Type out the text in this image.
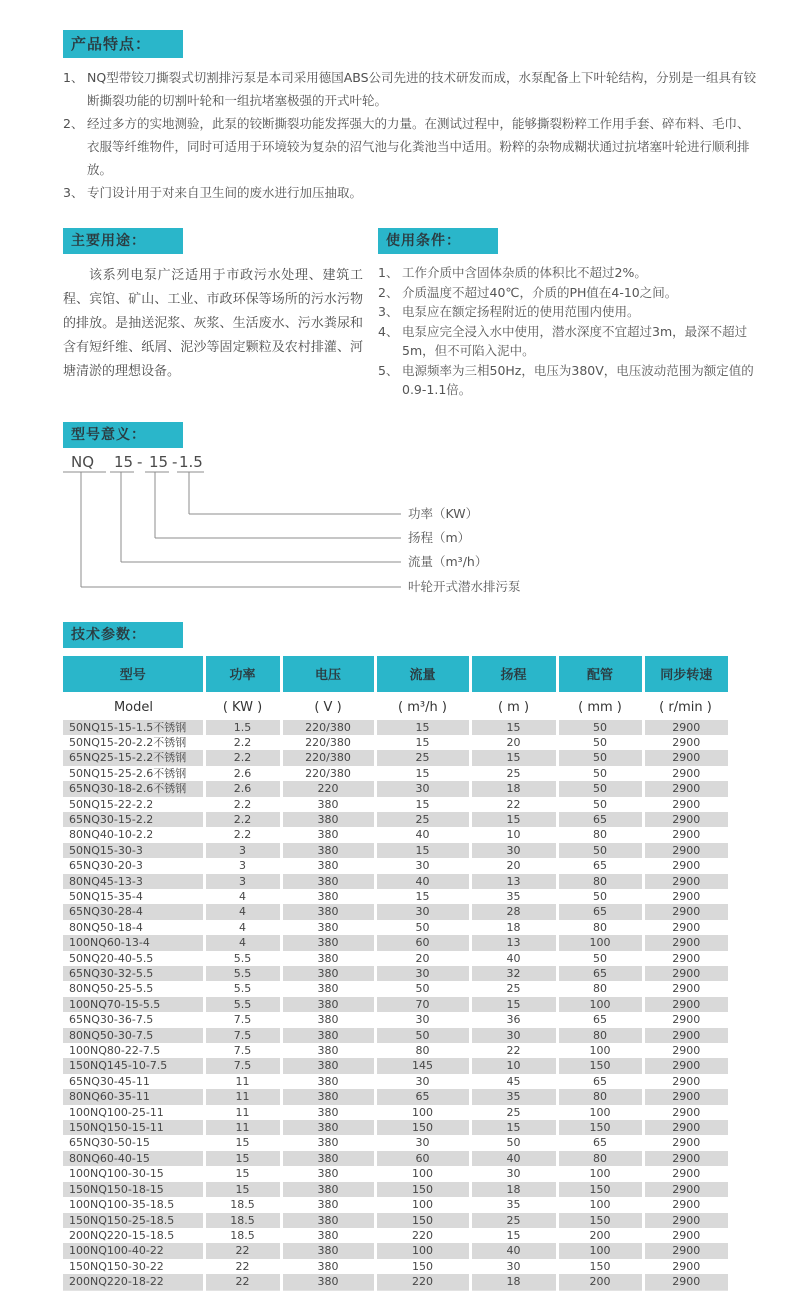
产品特点：
1、 NQ型带铰刀撕裂式切割排污泵是本司采用德国ABS公司先进的技术研发而成，水泵配备上下叶轮结构，分别是一组具有铰断撕裂功能的切割叶轮和一组抗堵塞极强的开式叶轮。
2、 经过多方的实地测验，此泵的铰断撕裂功能发挥强大的力量。在测试过程中，能够撕裂粉粹工作用手套、碎布料、毛巾、衣服等纤维物件，同时可适用于环境较为复杂的沼气池与化粪池当中适用。粉粹的杂物成糊状通过抗堵塞叶轮进行顺利排放。
3、 专门设计用于对来自卫生间的废水进行加压抽取。
主要用途：

该系列电泵广泛适用于市政污水处理、建筑工程、宾馆、矿山、工业、市政环保等场所的污水污物的排放。是抽送泥浆、灰浆、生活废水、污水粪尿和含有短纤维、纸屑、泥沙等固定颗粒及农村排灌、河塘清淤的理想设备。

使用条件：
1、 工作介质中含固体杂质的体积比不超过2%。
2、 介质温度不超过40℃，介质的PH值在4-10之间。
3、 电泵应在额定扬程附近的使用范围内使用。
4、 电泵应完全浸入水中使用，潜水深度不宜超过3m，最深不超过5m，但不可陷入泥中。
5、 电源频率为三相50Hz，电压为380V，电压波动范围为额定值的0.9-1.1倍。
型号意义：
NQ 15 - 15 - 1.5
功率（KW）
扬程（m）
流量（m³/h）
叶轮开式潜水排污泵
技术参数：
型号	功率	电压	流量	扬程	配管	同步转速
Model	( KW )	( V )	( m³/h )	( m )	( mm )	( r/min )
50NQ15-15-1.5不锈钢	1.5	220/380	15	15	50	2900
50NQ15-20-2.2不锈钢	2.2	220/380	15	20	50	2900
65NQ25-15-2.2不锈钢	2.2	220/380	25	15	50	2900
50NQ15-25-2.6不锈钢	2.6	220/380	15	25	50	2900
65NQ30-18-2.6不锈钢	2.6	220	30	18	50	2900
50NQ15-22-2.2	2.2	380	15	22	50	2900
65NQ30-15-2.2	2.2	380	25	15	65	2900
80NQ40-10-2.2	2.2	380	40	10	80	2900
50NQ15-30-3	3	380	15	30	50	2900
65NQ30-20-3	3	380	30	20	65	2900
80NQ45-13-3	3	380	40	13	80	2900
50NQ15-35-4	4	380	15	35	50	2900
65NQ30-28-4	4	380	30	28	65	2900
80NQ50-18-4	4	380	50	18	80	2900
100NQ60-13-4	4	380	60	13	100	2900
50NQ20-40-5.5	5.5	380	20	40	50	2900
65NQ30-32-5.5	5.5	380	30	32	65	2900
80NQ50-25-5.5	5.5	380	50	25	80	2900
100NQ70-15-5.5	5.5	380	70	15	100	2900
65NQ30-36-7.5	7.5	380	30	36	65	2900
80NQ50-30-7.5	7.5	380	50	30	80	2900
100NQ80-22-7.5	7.5	380	80	22	100	2900
150NQ145-10-7.5	7.5	380	145	10	150	2900
65NQ30-45-11	11	380	30	45	65	2900
80NQ60-35-11	11	380	65	35	80	2900
100NQ100-25-11	11	380	100	25	100	2900
150NQ150-15-11	11	380	150	15	150	2900
65NQ30-50-15	15	380	30	50	65	2900
80NQ60-40-15	15	380	60	40	80	2900
100NQ100-30-15	15	380	100	30	100	2900
150NQ150-18-15	15	380	150	18	150	2900
100NQ100-35-18.5	18.5	380	100	35	100	2900
150NQ150-25-18.5	18.5	380	150	25	150	2900
200NQ220-15-18.5	18.5	380	220	15	200	2900
100NQ100-40-22	22	380	100	40	100	2900
150NQ150-30-22	22	380	150	30	150	2900
200NQ220-18-22	22	380	220	18	200	2900
